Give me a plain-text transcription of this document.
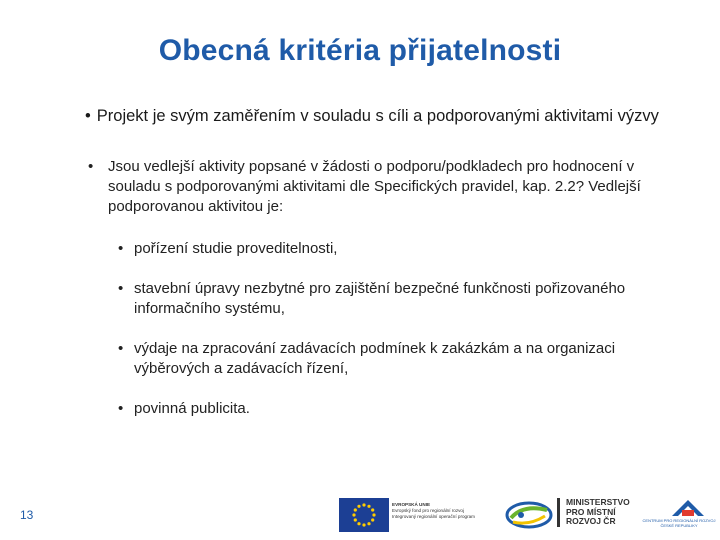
Obecná kritéria přijatelnosti
• Projekt je svým zaměřením v souladu s cíli a podporovanými aktivitami výzvy
• Jsou vedlejší aktivity popsané v žádosti o podporu/podkladech pro hodnocení v souladu s podporovanými aktivitami dle Specifických pravidel, kap. 2.2? Vedlejší podporovanou aktivitou je:
• pořízení studie proveditelnosti,
• stavební úpravy nezbytné pro zajištění bezpečné funkčnosti pořizovaného informačního systému,
• výdaje na zpracování zadávacích podmínek k zakázkám a na organizaci výběrových a zadávacích řízení,
• povinná publicita.
13
EVROPSKÁ UNIE
Evropský fond pro regionální rozvoj
Integrovaný regionální operační program
MINISTERSTVO
PRO MÍSTNÍ
ROZVOJ ČR	CENTRUM PRO REGIONÁLNÍ ROZVOJ
ČESKÉ REPUBLIKY
